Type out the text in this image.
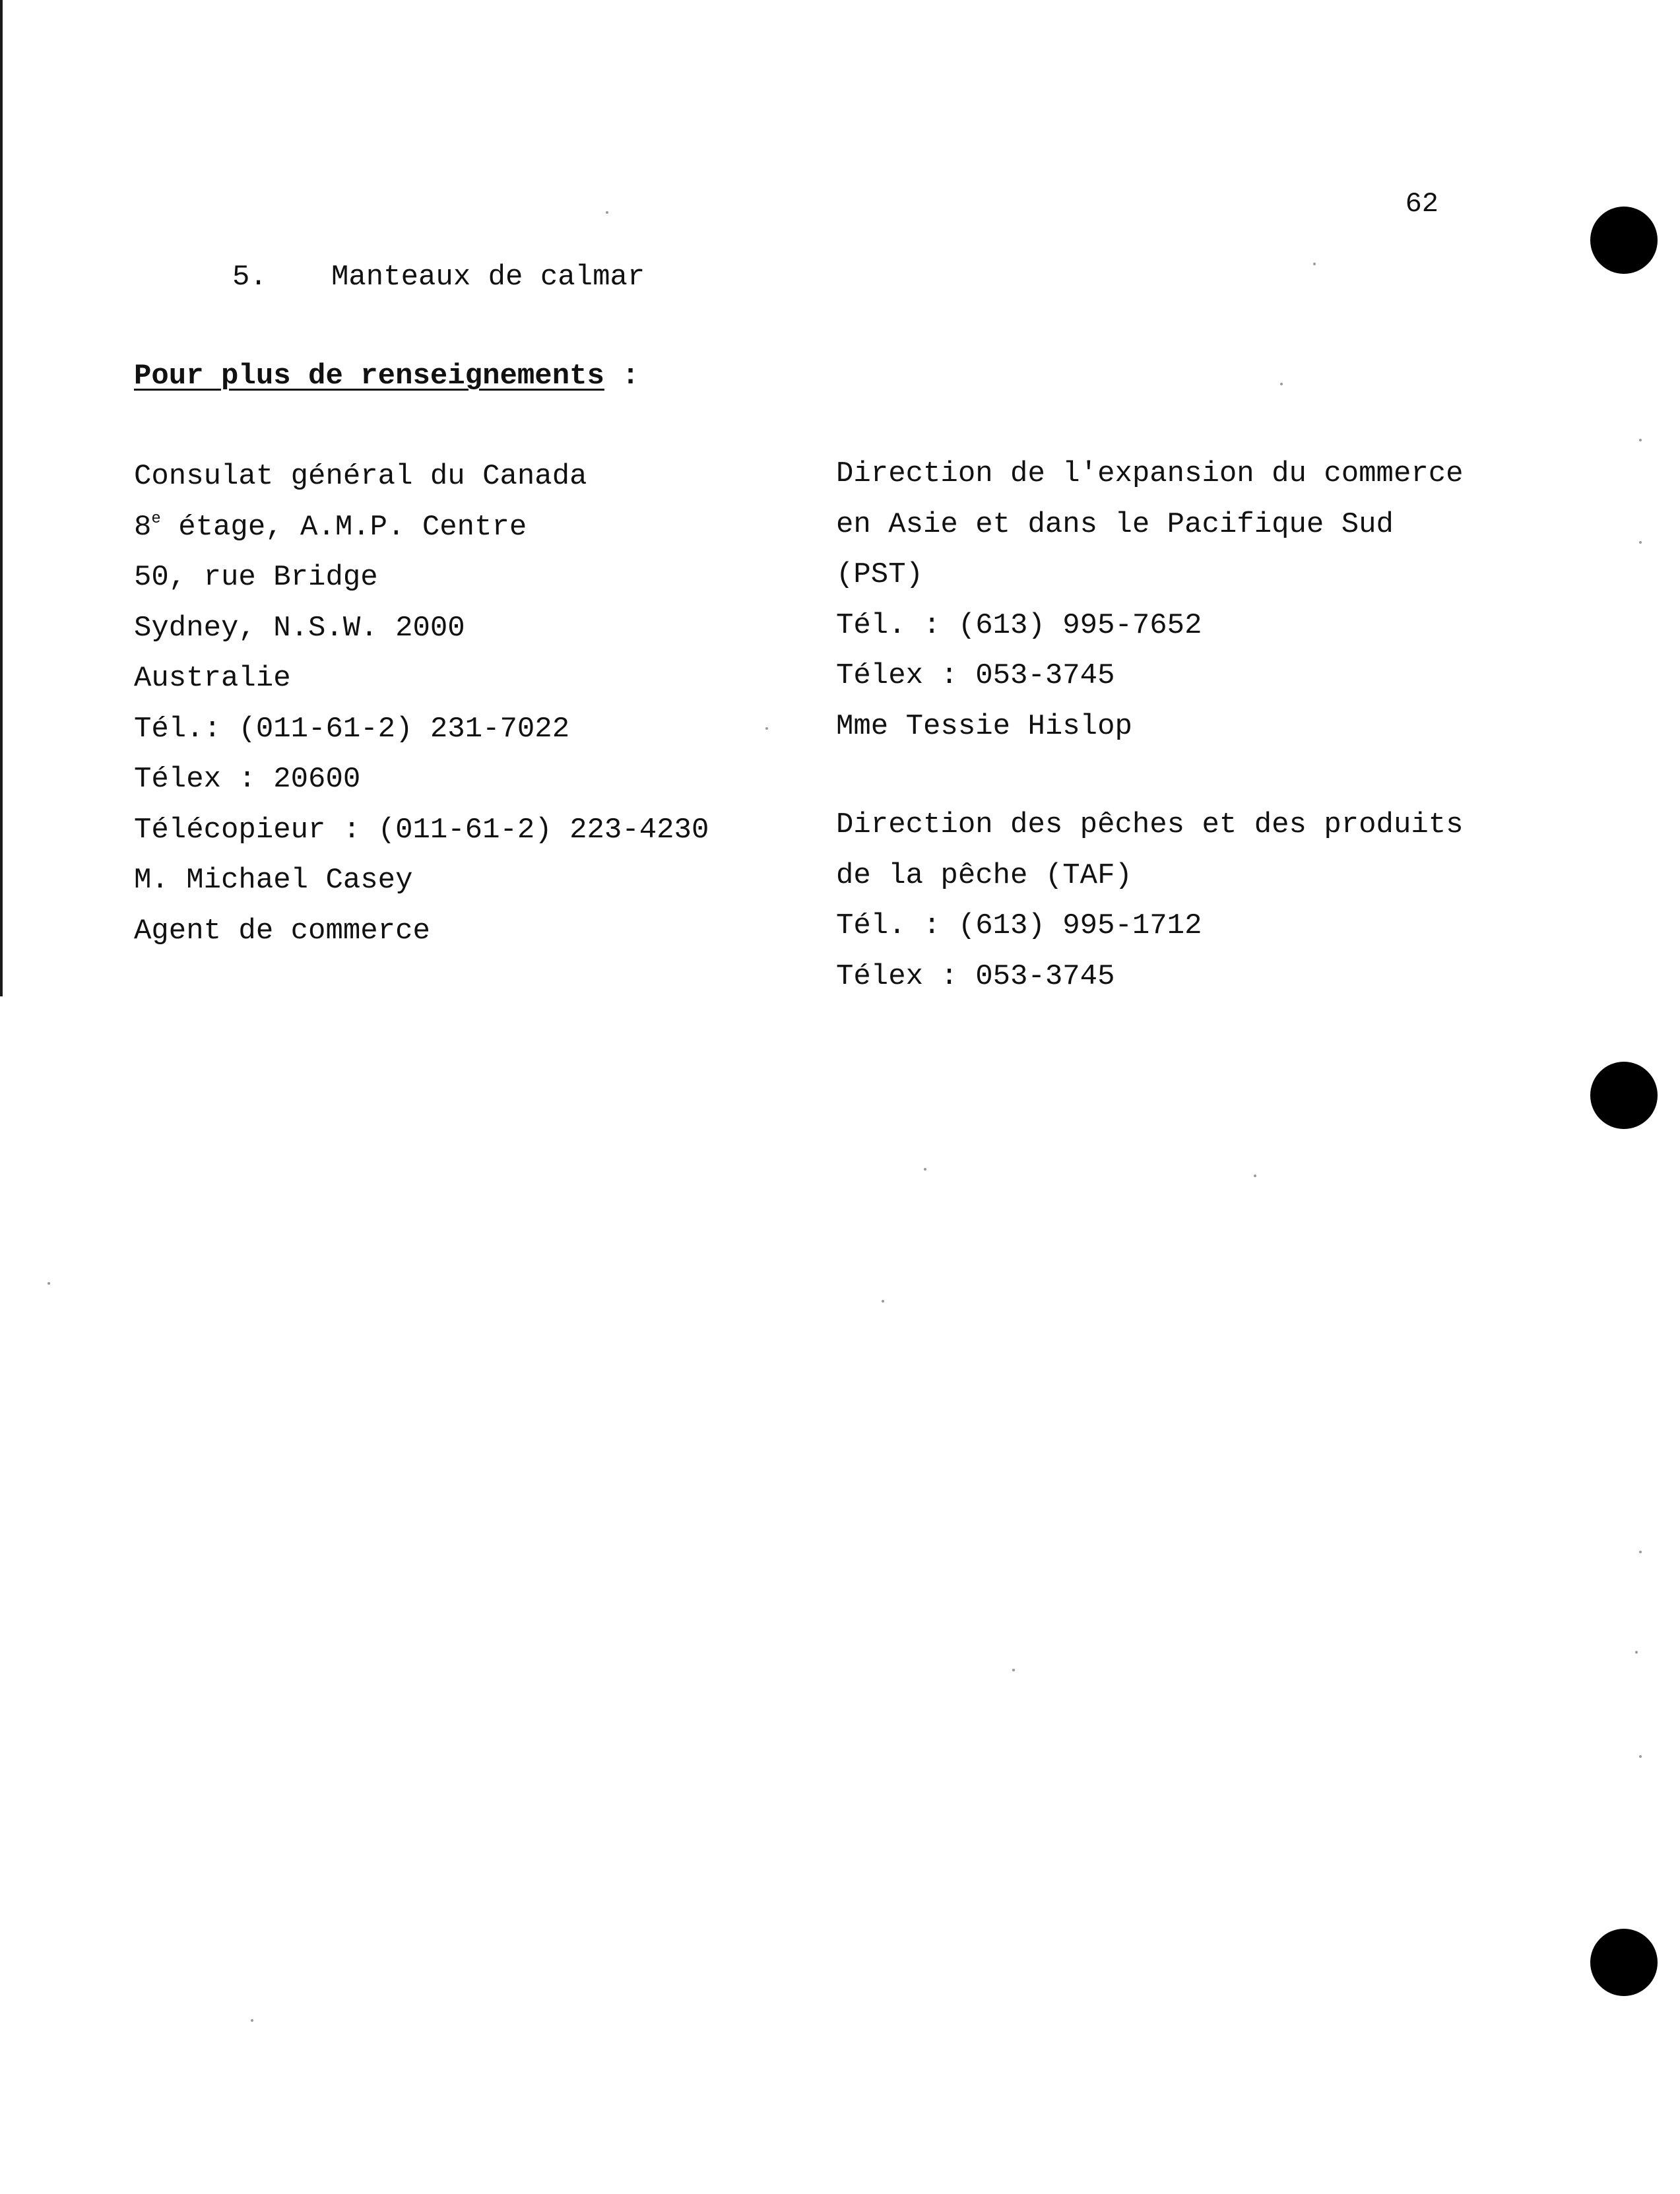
62
5. Manteaux de calmar
Pour plus de renseignements :
Consulat général du Canada
8e étage, A.M.P. Centre
50, rue Bridge
Sydney, N.S.W. 2000
Australie
Tél.: (011-61-2) 231-7022
Télex : 20600
Télécopieur : (011-61-2) 223-4230
M. Michael Casey
Agent de commerce
Direction de l'expansion du commerce
en Asie et dans le Pacifique Sud
(PST)
Tél. : (613) 995-7652
Télex : 053-3745
Mme Tessie Hislop
Direction des pêches et des produits
de la pêche (TAF)
Tél. : (613) 995-1712
Télex : 053-3745
